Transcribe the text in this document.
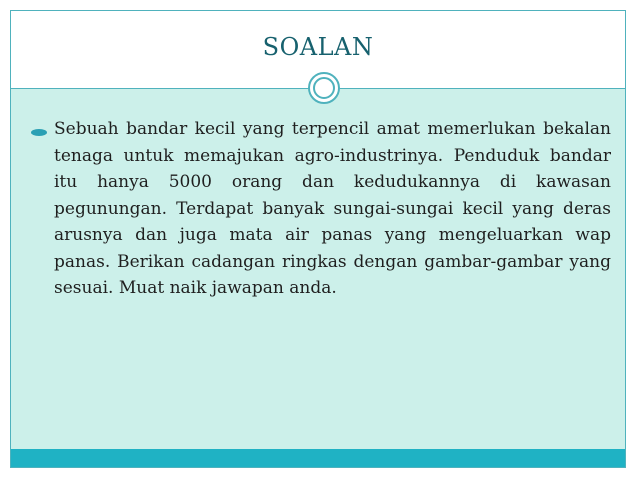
SOALAN
Sebuah bandar kecil yang terpencil amat memerlukan bekalan tenaga untuk memajukan agro-industrinya. Penduduk bandar itu hanya 5000 orang dan kedudukannya di kawasan pegunungan. Terdapat banyak sungai-sungai kecil yang deras arusnya dan juga mata air panas yang mengeluarkan wap panas. Berikan cadangan ringkas dengan gambar-gambar yang sesuai. Muat naik jawapan anda.
